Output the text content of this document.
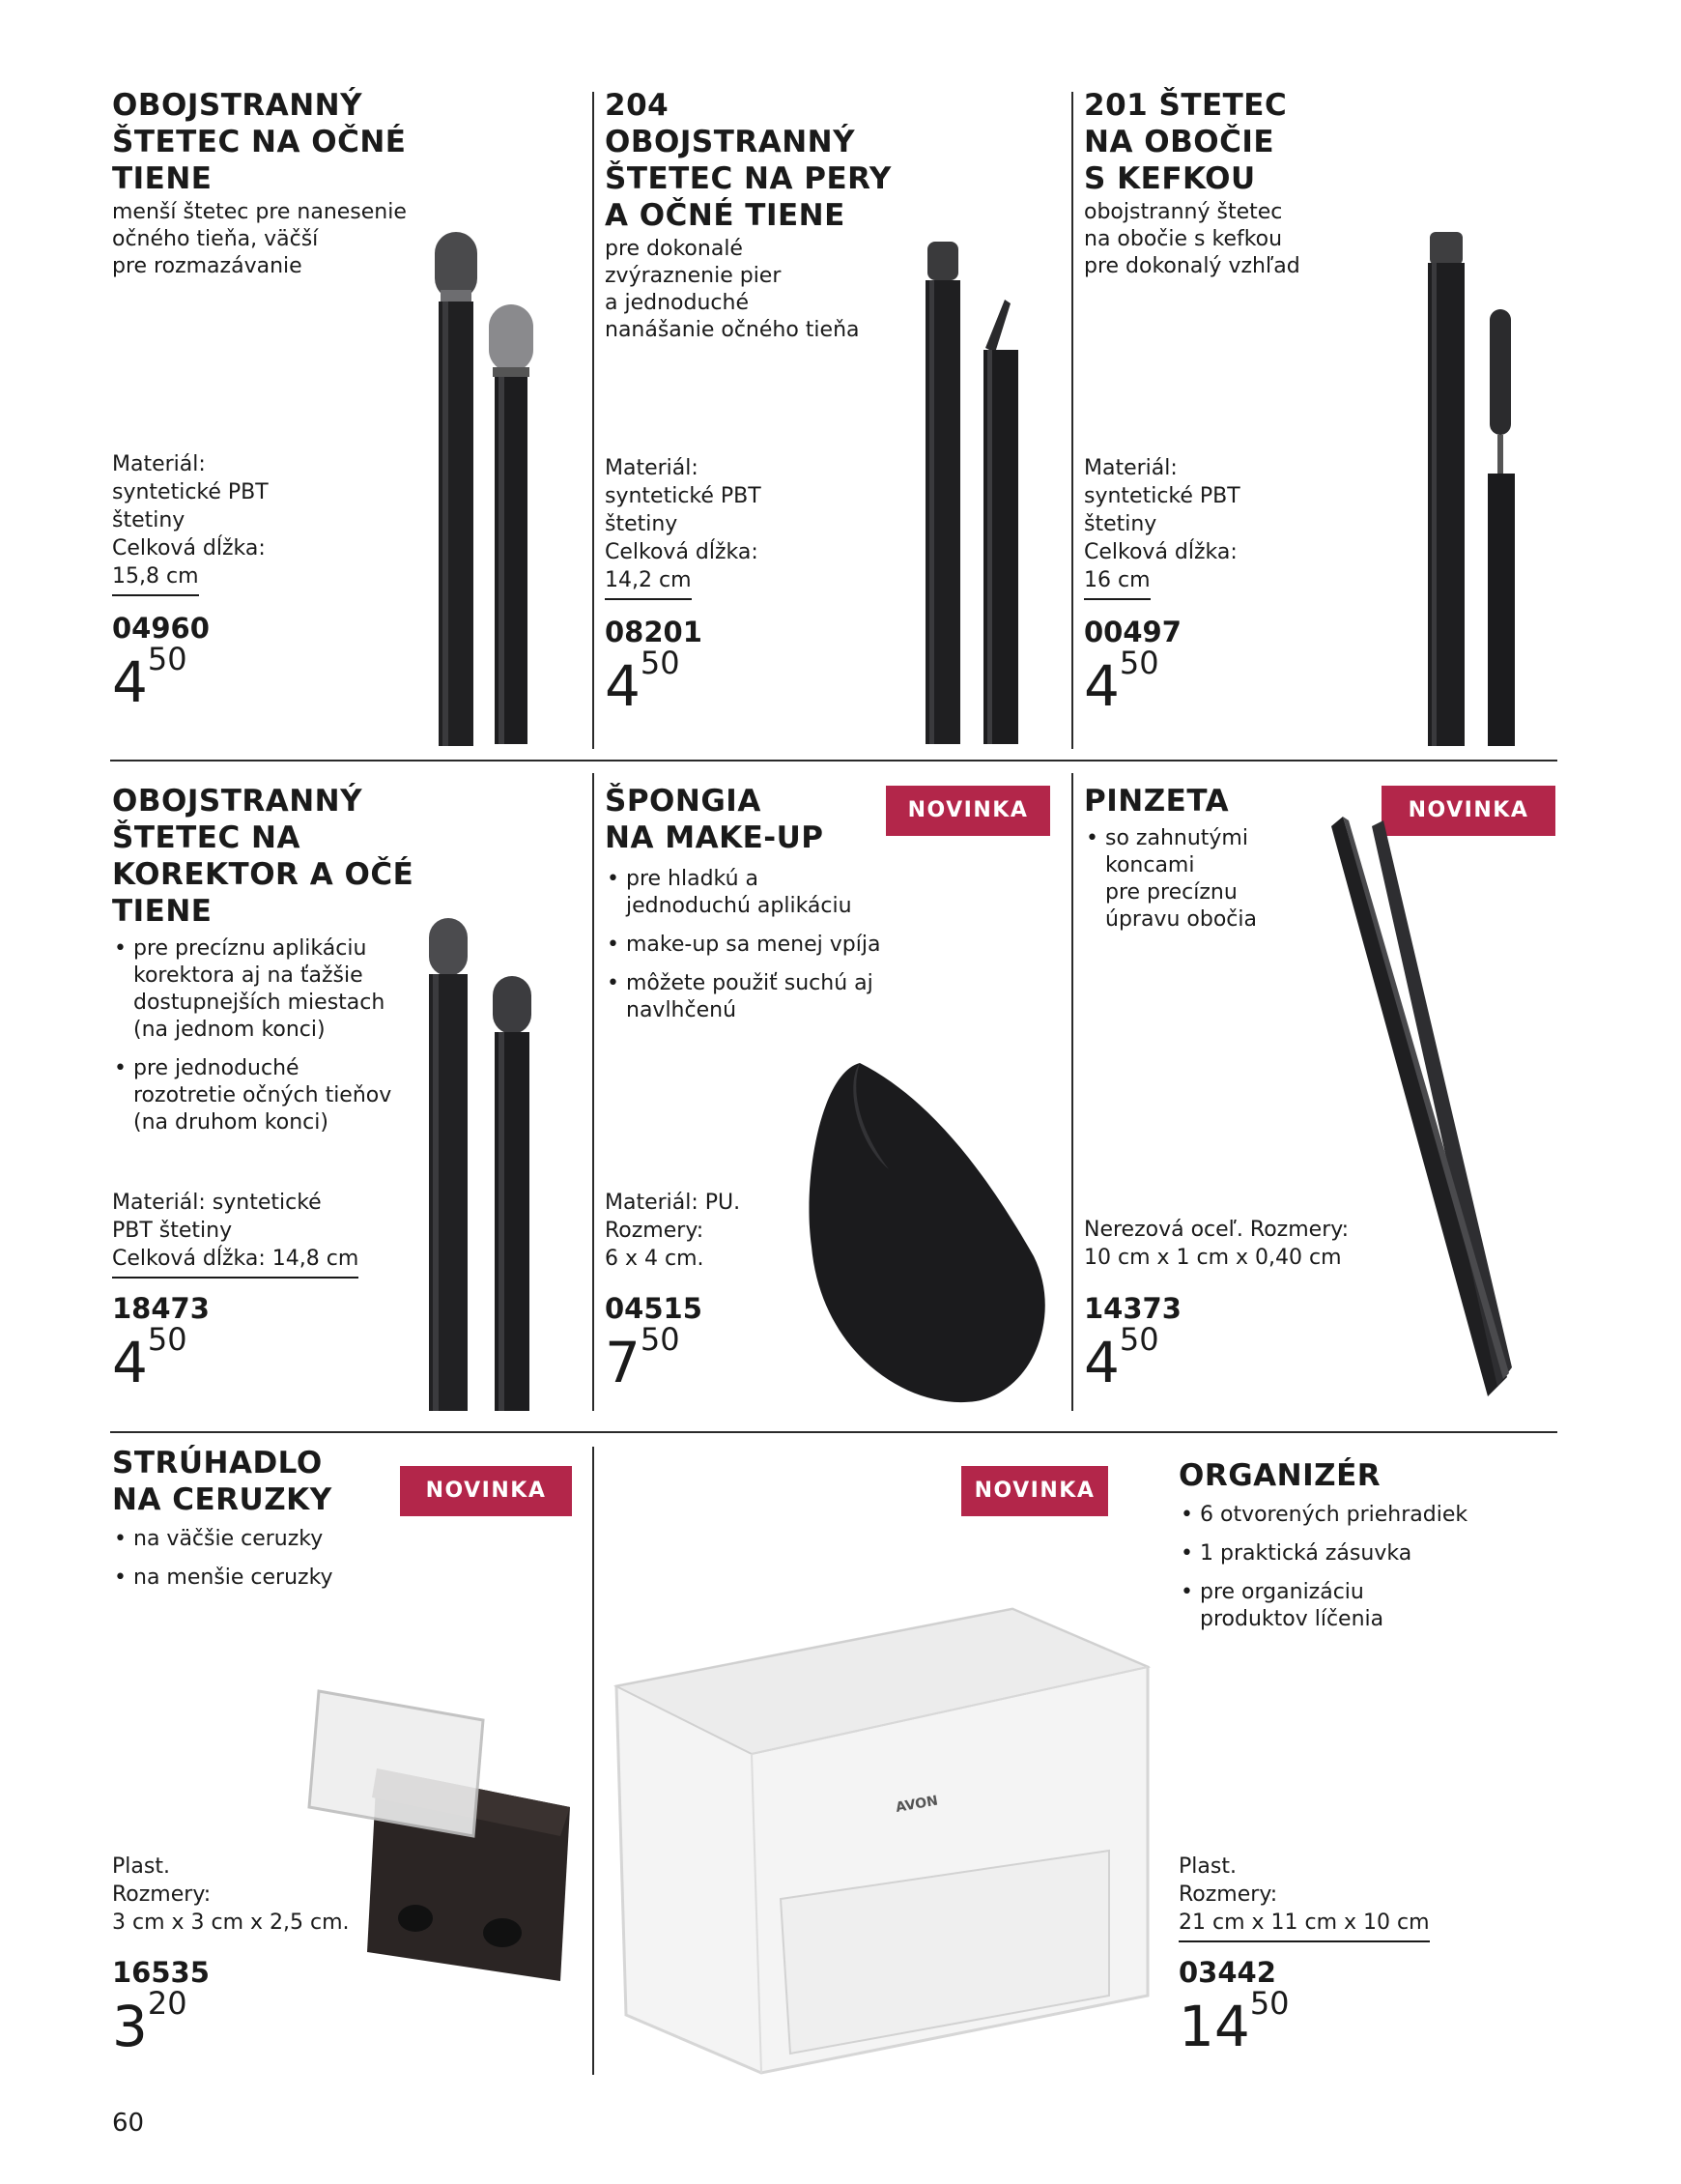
OBOJSTRANNÝ
ŠTETEC NA OČNÉ
TIENE
menší štetec pre nanesenie
očného tieňa, väčší
pre rozmazávanie
Materiál:
syntetické PBT
štetiny
Celková dĺžka:
15,8 cm
04960
$4^{50}$
204
OBOJSTRANNÝ
ŠTETEC NA PERY
A OČNÉ TIENE
pre dokonalé
zvýraznenie pier
a jednoduché
nanášanie očného tieňa
Materiál:
syntetické PBT
štetiny
Celková dĺžka:
14,2 cm
08201
$4^{50}$
201 ŠTETEC
NA OBOČIE
S KEFKOU
obojstranný štetec
na obočie s kefkou
pre dokonalý vzhľad
Materiál:
syntetické PBT
štetiny
Celková dĺžka:
16 cm
00497
$4^{50}$
OBOJSTRANNÝ
ŠTETEC NA
KOREKTOR A OČÉ
TIENE
• pre precíznu aplikáciu
korektora aj na ťažšie
dostupnejších miestach
(na jednom konci)
• pre jednoduché
rozotretie očných tieňov
(na druhom konci)
Materiál: syntetické
PBT štetiny
Celková dĺžka: 14,8 cm
18473
$4^{50}$
ŠPONGIA
NA MAKE-UP
• pre hladkú a
jednoduchú aplikáciu
• make-up sa menej vpíja
• môžete použiť suchú aj
navlhčenú
NOVINKA
Materiál: PU.
Rozmery:
6 x 4 cm.
04515
$7^{50}$
PINZETA
• so zahnutými
koncami
pre precíznu
úpravu obočia
NOVINKA
Nerezová oceľ. Rozmery:
10 cm x 1 cm x 0,40 cm
14373
$4^{50}$
STRÚHADLO
NA CERUZKY
• na väčšie ceruzky
• na menšie ceruzky
NOVINKA
Plast.
Rozmery:
3 cm x 3 cm x 2,5 cm.
16535
$3^{20}$
NOVINKA	ORGANIZÉR
• 6 otvorených priehradiek
• 1 praktická zásuvka
• pre organizáciu
produktov líčenia
Plast.
Rozmery:
21 cm x 11 cm x 10 cm
03442
$14^{50}$
AVON
60
